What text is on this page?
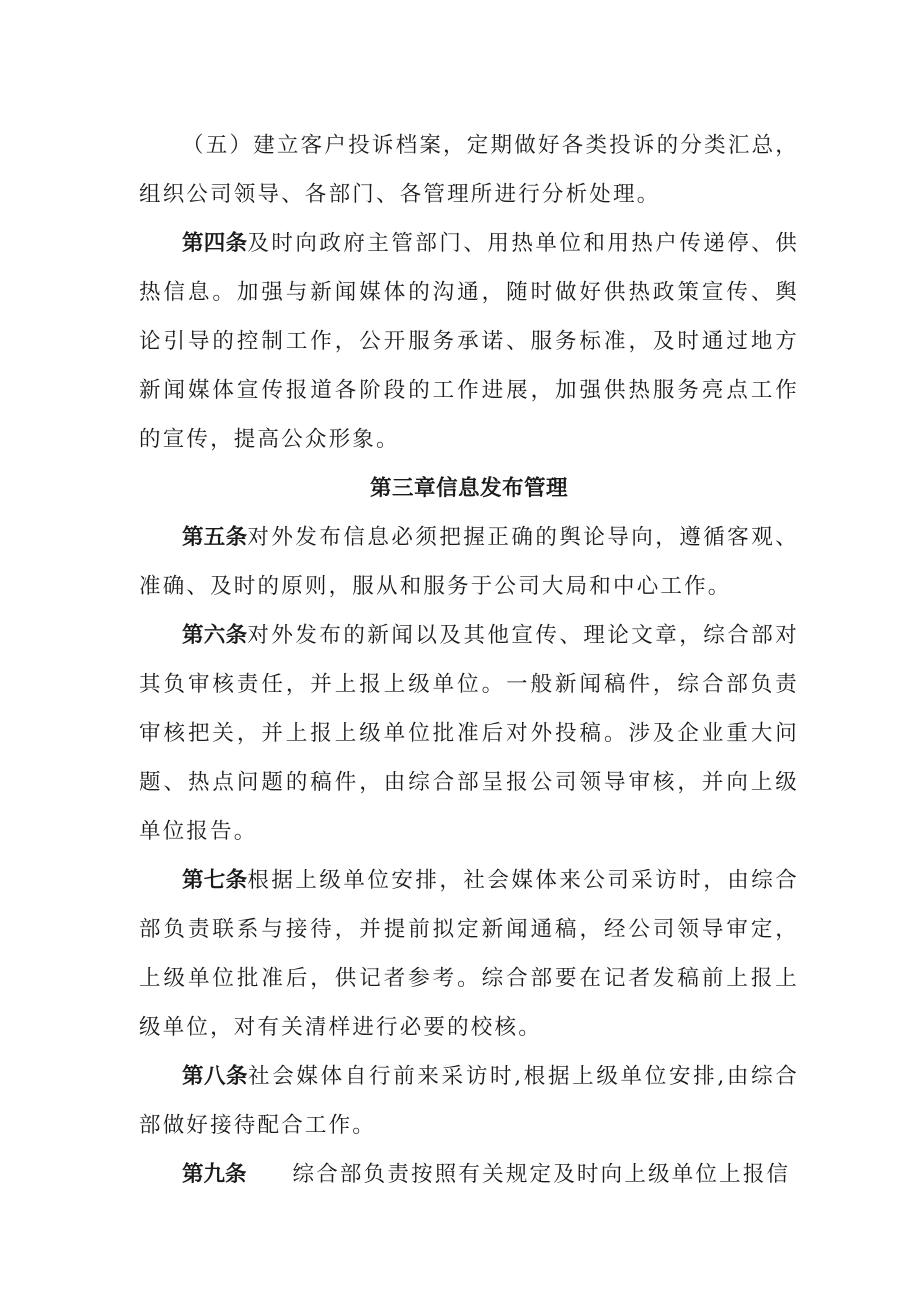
（五）建立客户投诉档案，定期做好各类投诉的分类汇总，组织公司领导、各部门、各管理所进行分析处理。

第四条及时向政府主管部门、用热单位和用热户传递停、供热信息。加强与新闻媒体的沟通，随时做好供热政策宣传、舆论引导的控制工作，公开服务承诺、服务标准，及时通过地方新闻媒体宣传报道各阶段的工作进展，加强供热服务亮点工作的宣传，提高公众形象。

第三章信息发布管理

第五条对外发布信息必须把握正确的舆论导向，遵循客观、准确、及时的原则，服从和服务于公司大局和中心工作。

第六条对外发布的新闻以及其他宣传、理论文章，综合部对其负审核责任，并上报上级单位。一般新闻稿件，综合部负责审核把关，并上报上级单位批准后对外投稿。涉及企业重大问题、热点问题的稿件，由综合部呈报公司领导审核，并向上级单位报告。

第七条根据上级单位安排，社会媒体来公司采访时，由综合部负责联系与接待，并提前拟定新闻通稿，经公司领导审定，上级单位批准后，供记者参考。综合部要在记者发稿前上报上级单位，对有关清样进行必要的校核。

第八条社会媒体自行前来采访时,根据上级单位安排,由综合部做好接待配合工作。

第九条 综合部负责按照有关规定及时向上级单位上报信
